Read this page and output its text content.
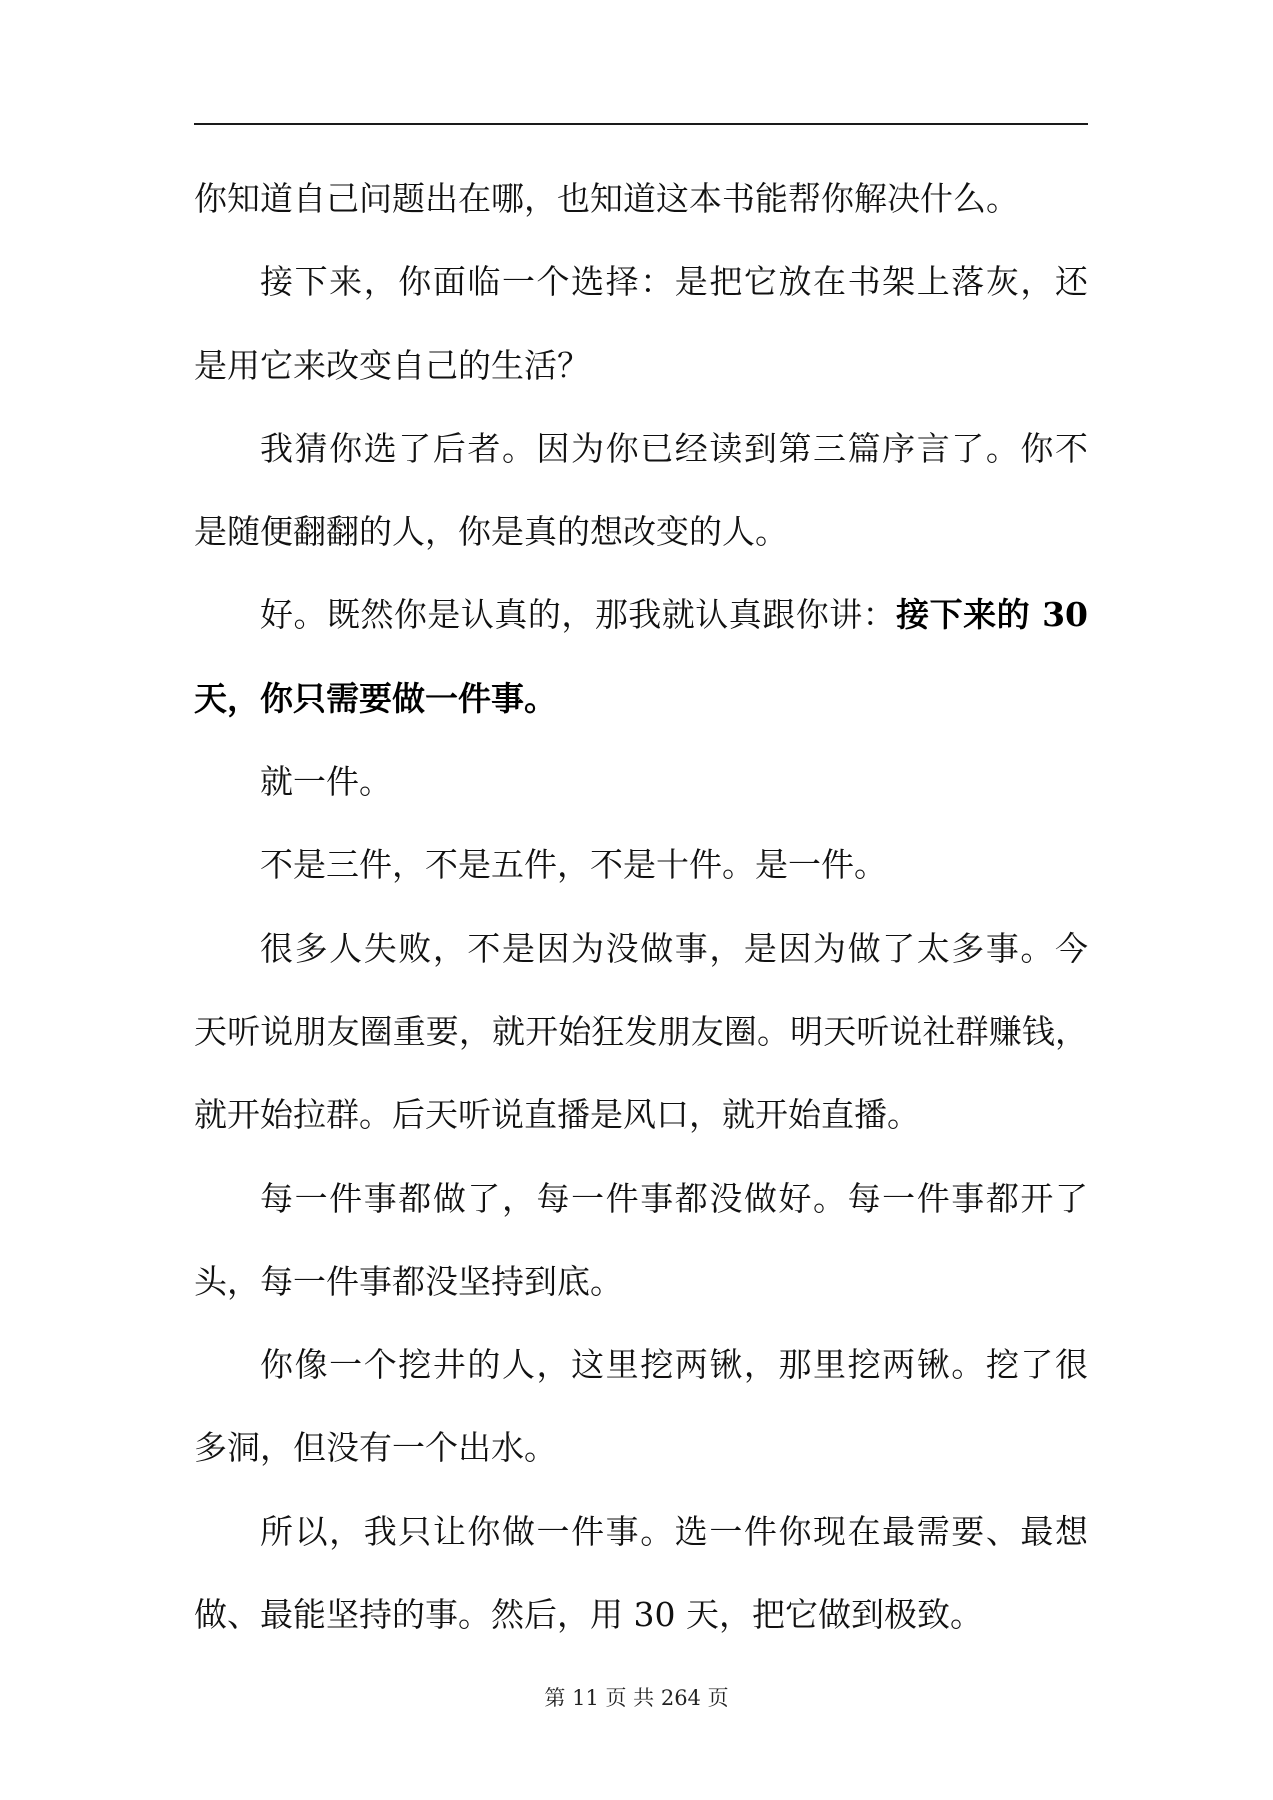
你知道自己问题出在哪，也知道这本书能帮你解决什么。
接下来，你面临一个选择：是把它放在书架上落灰，还
是用它来改变自己的生活？
我猜你选了后者。因为你已经读到第三篇序言了。你不
是随便翻翻的人，你是真的想改变的人。
好。既然你是认真的，那我就认真跟你讲：接下来的 30
天，你只需要做一件事。
就一件。
不是三件，不是五件，不是十件。是一件。
很多人失败，不是因为没做事，是因为做了太多事。今
天听说朋友圈重要，就开始狂发朋友圈。明天听说社群赚钱，
就开始拉群。后天听说直播是风口，就开始直播。
每一件事都做了，每一件事都没做好。每一件事都开了
头，每一件事都没坚持到底。
你像一个挖井的人，这里挖两锹，那里挖两锹。挖了很
多洞，但没有一个出水。
所以，我只让你做一件事。选一件你现在最需要、最想
做、最能坚持的事。然后，用 30 天，把它做到极致。
第 11 页 共 264 页
